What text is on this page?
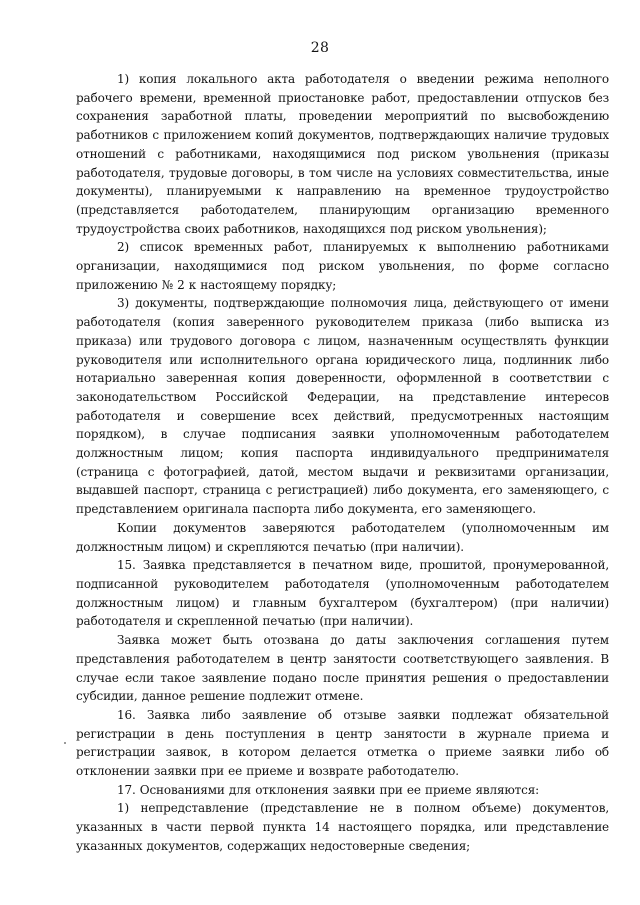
28

1) копия локального акта работодателя о введении режима неполного рабочего времени, временной приостановке работ, предоставлении отпусков без сохранения заработной платы, проведении мероприятий по высвобождению работников с приложением копий документов, подтверждающих наличие трудовых отношений с работниками, находящимися под риском увольнения (приказы работодателя, трудовые договоры, в том числе на условиях совместительства, иные документы), планируемыми к направлению на временное трудоустройство (представляется работодателем, планирующим организацию временного трудоустройства своих работников, находящихся под риском увольнения);

2) список временных работ, планируемых к выполнению работниками организации, находящимися под риском увольнения, по форме согласно приложению № 2 к настоящему порядку;

3) документы, подтверждающие полномочия лица, действующего от имени работодателя (копия заверенного руководителем приказа (либо выписка из приказа) или трудового договора с лицом, назначенным осуществлять функции руководителя или исполнительного органа юридического лица, подлинник либо нотариально заверенная копия доверенности, оформленной в соответствии с законодательством Российской Федерации, на представление интересов работодателя и совершение всех действий, предусмотренных настоящим порядком), в случае подписания заявки уполномоченным работодателем должностным лицом; копия паспорта индивидуального предпринимателя (страница с фотографией, датой, местом выдачи и реквизитами организации, выдавшей паспорт, страница с регистрацией) либо документа, его заменяющего, с представлением оригинала паспорта либо документа, его заменяющего.

Копии документов заверяются работодателем (уполномоченным им должностным лицом) и скрепляются печатью (при наличии).

15. Заявка представляется в печатном виде, прошитой, пронумерованной, подписанной руководителем работодателя (уполномоченным работодателем должностным лицом) и главным бухгалтером (бухгалтером) (при наличии) работодателя и скрепленной печатью (при наличии).

Заявка может быть отозвана до даты заключения соглашения путем представления работодателем в центр занятости соответствующего заявления. В случае если такое заявление подано после принятия решения о предоставлении субсидии, данное решение подлежит отмене.

16. Заявка либо заявление об отзыве заявки подлежат обязательной регистрации в день поступления в центр занятости в журнале приема и регистрации заявок, в котором делается отметка о приеме заявки либо об отклонении заявки при ее приеме и возврате работодателю.

17. Основаниями для отклонения заявки при ее приеме являются:

1) непредставление (представление не в полном объеме) документов, указанных в части первой пункта 14 настоящего порядка, или представление указанных документов, содержащих недостоверные сведения;
